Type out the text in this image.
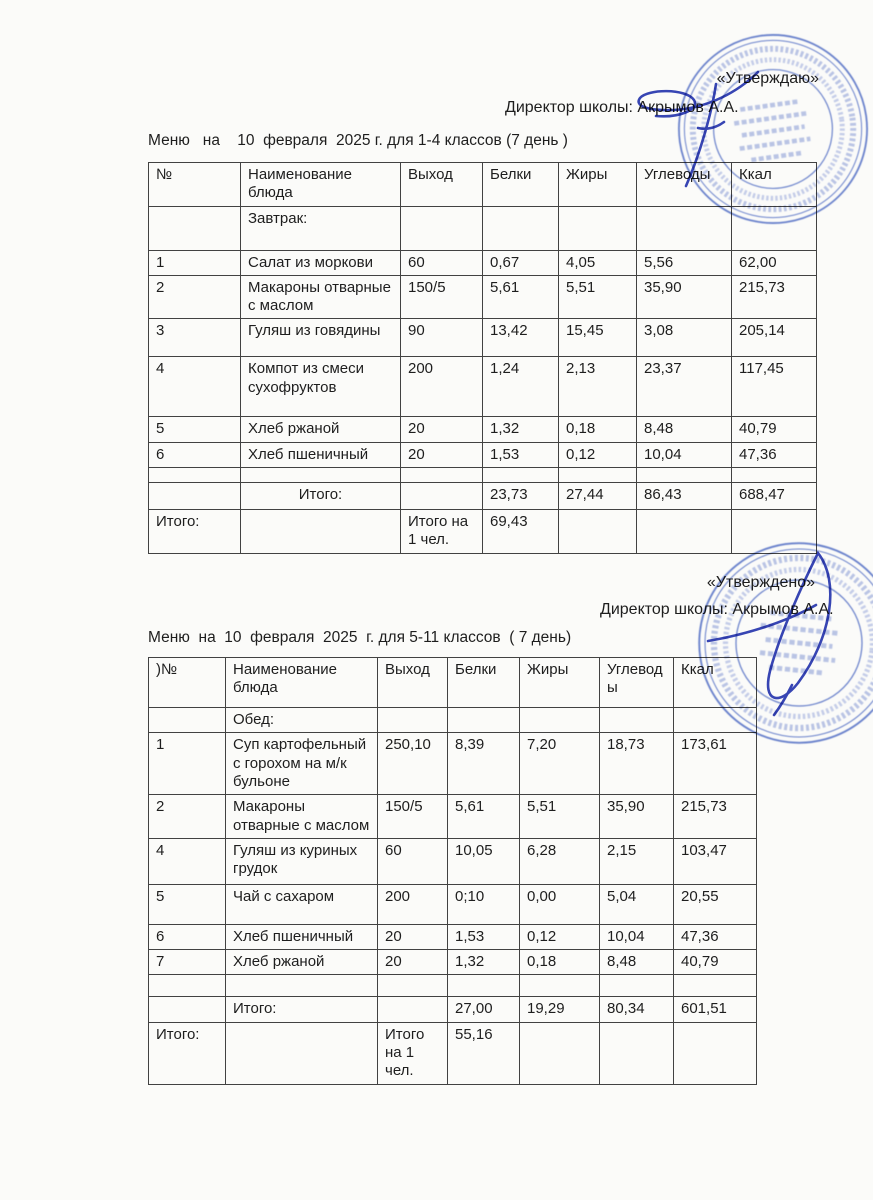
«Утверждаю»
Директор школы: Акрымов А.А.
Меню   на    10  февраля  2025 г. для 1-4 классов (7 день )
№	Наименование блюда	Выход	Белки	Жиры	Углеводы	Ккал
	Завтрак:					
1	Салат из моркови	60	0,67	4,05	5,56	62,00
2	Макароны отварные с маслом	150/5	5,61	5,51	35,90	215,73
3	Гуляш из говядины	90	13,42	15,45	3,08	205,14
4	Компот из смеси сухофруктов	200	1,24	2,13	23,37	117,45
5	Хлеб ржаной	20	1,32	0,18	8,48	40,79
6	Хлеб пшеничный	20	1,53	0,12	10,04	47,36

	Итого:		23,73	27,44	86,43	688,47
Итого:		Итого на 1 чел.	69,43			
«Утверждено»
Директор школы: Акрымов А.А.
Меню  на  10  февраля  2025  г. для 5-11 классов  ( 7 день)
)№	Наименование блюда	Выход	Белки	Жиры	Углеводы	Ккал
	Обед:					
1	Суп картофельный с горохом на м/к бульоне	250,10	8,39	7,20	18,73	173,61
2	Макароны отварные с маслом	150/5	5,61	5,51	35,90	215,73
4	Гуляш из куриных грудок	60	10,05	6,28	2,15	103,47
5	Чай с сахаром	200	0;10	0,00	5,04	20,55
6	Хлеб пшеничный	20	1,53	0,12	10,04	47,36
7	Хлеб ржаной	20	1,32	0,18	8,48	40,79

	Итого:		27,00	19,29	80,34	601,51
Итого:		Итого на 1 чел.	55,16			
